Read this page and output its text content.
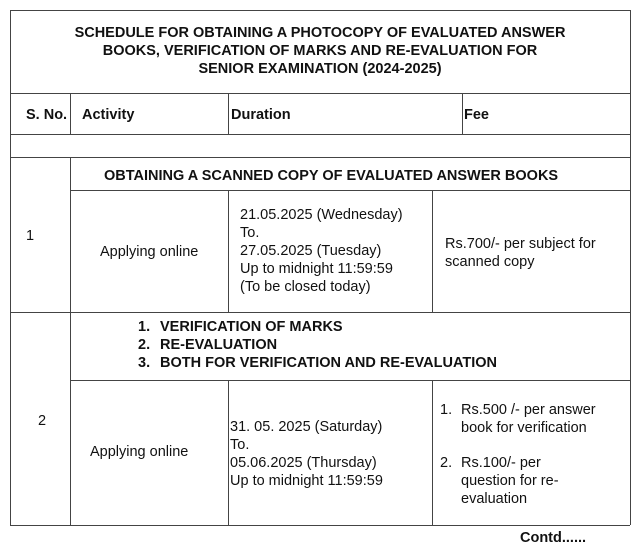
SCHEDULE FOR OBTAINING A PHOTOCOPY OF EVALUATED ANSWER
BOOKS, VERIFICATION OF MARKS AND RE-EVALUATION FOR
SENIOR EXAMINATION (2024-2025)
S. No. Activity	Duration	Fee
1
OBTAINING A SCANNED COPY OF EVALUATED ANSWER BOOKS
Applying online
21.05.2025 (Wednesday)
To.
27.05.2025 (Tuesday)
Up to midnight 11:59:59
(To be closed today)
Rs.700/- per subject for
scanned copy
2
1. VERIFICATION OF MARKS
2. RE-EVALUATION
3. BOTH FOR VERIFICATION AND RE-EVALUATION
Applying online
31. 05. 2025 (Saturday)
To.
05.06.2025 (Thursday)
Up to midnight 11:59:59
1. Rs.500 /- per answer
book for verification
2. Rs.100/- per
question for re-
evaluation
Contd......
